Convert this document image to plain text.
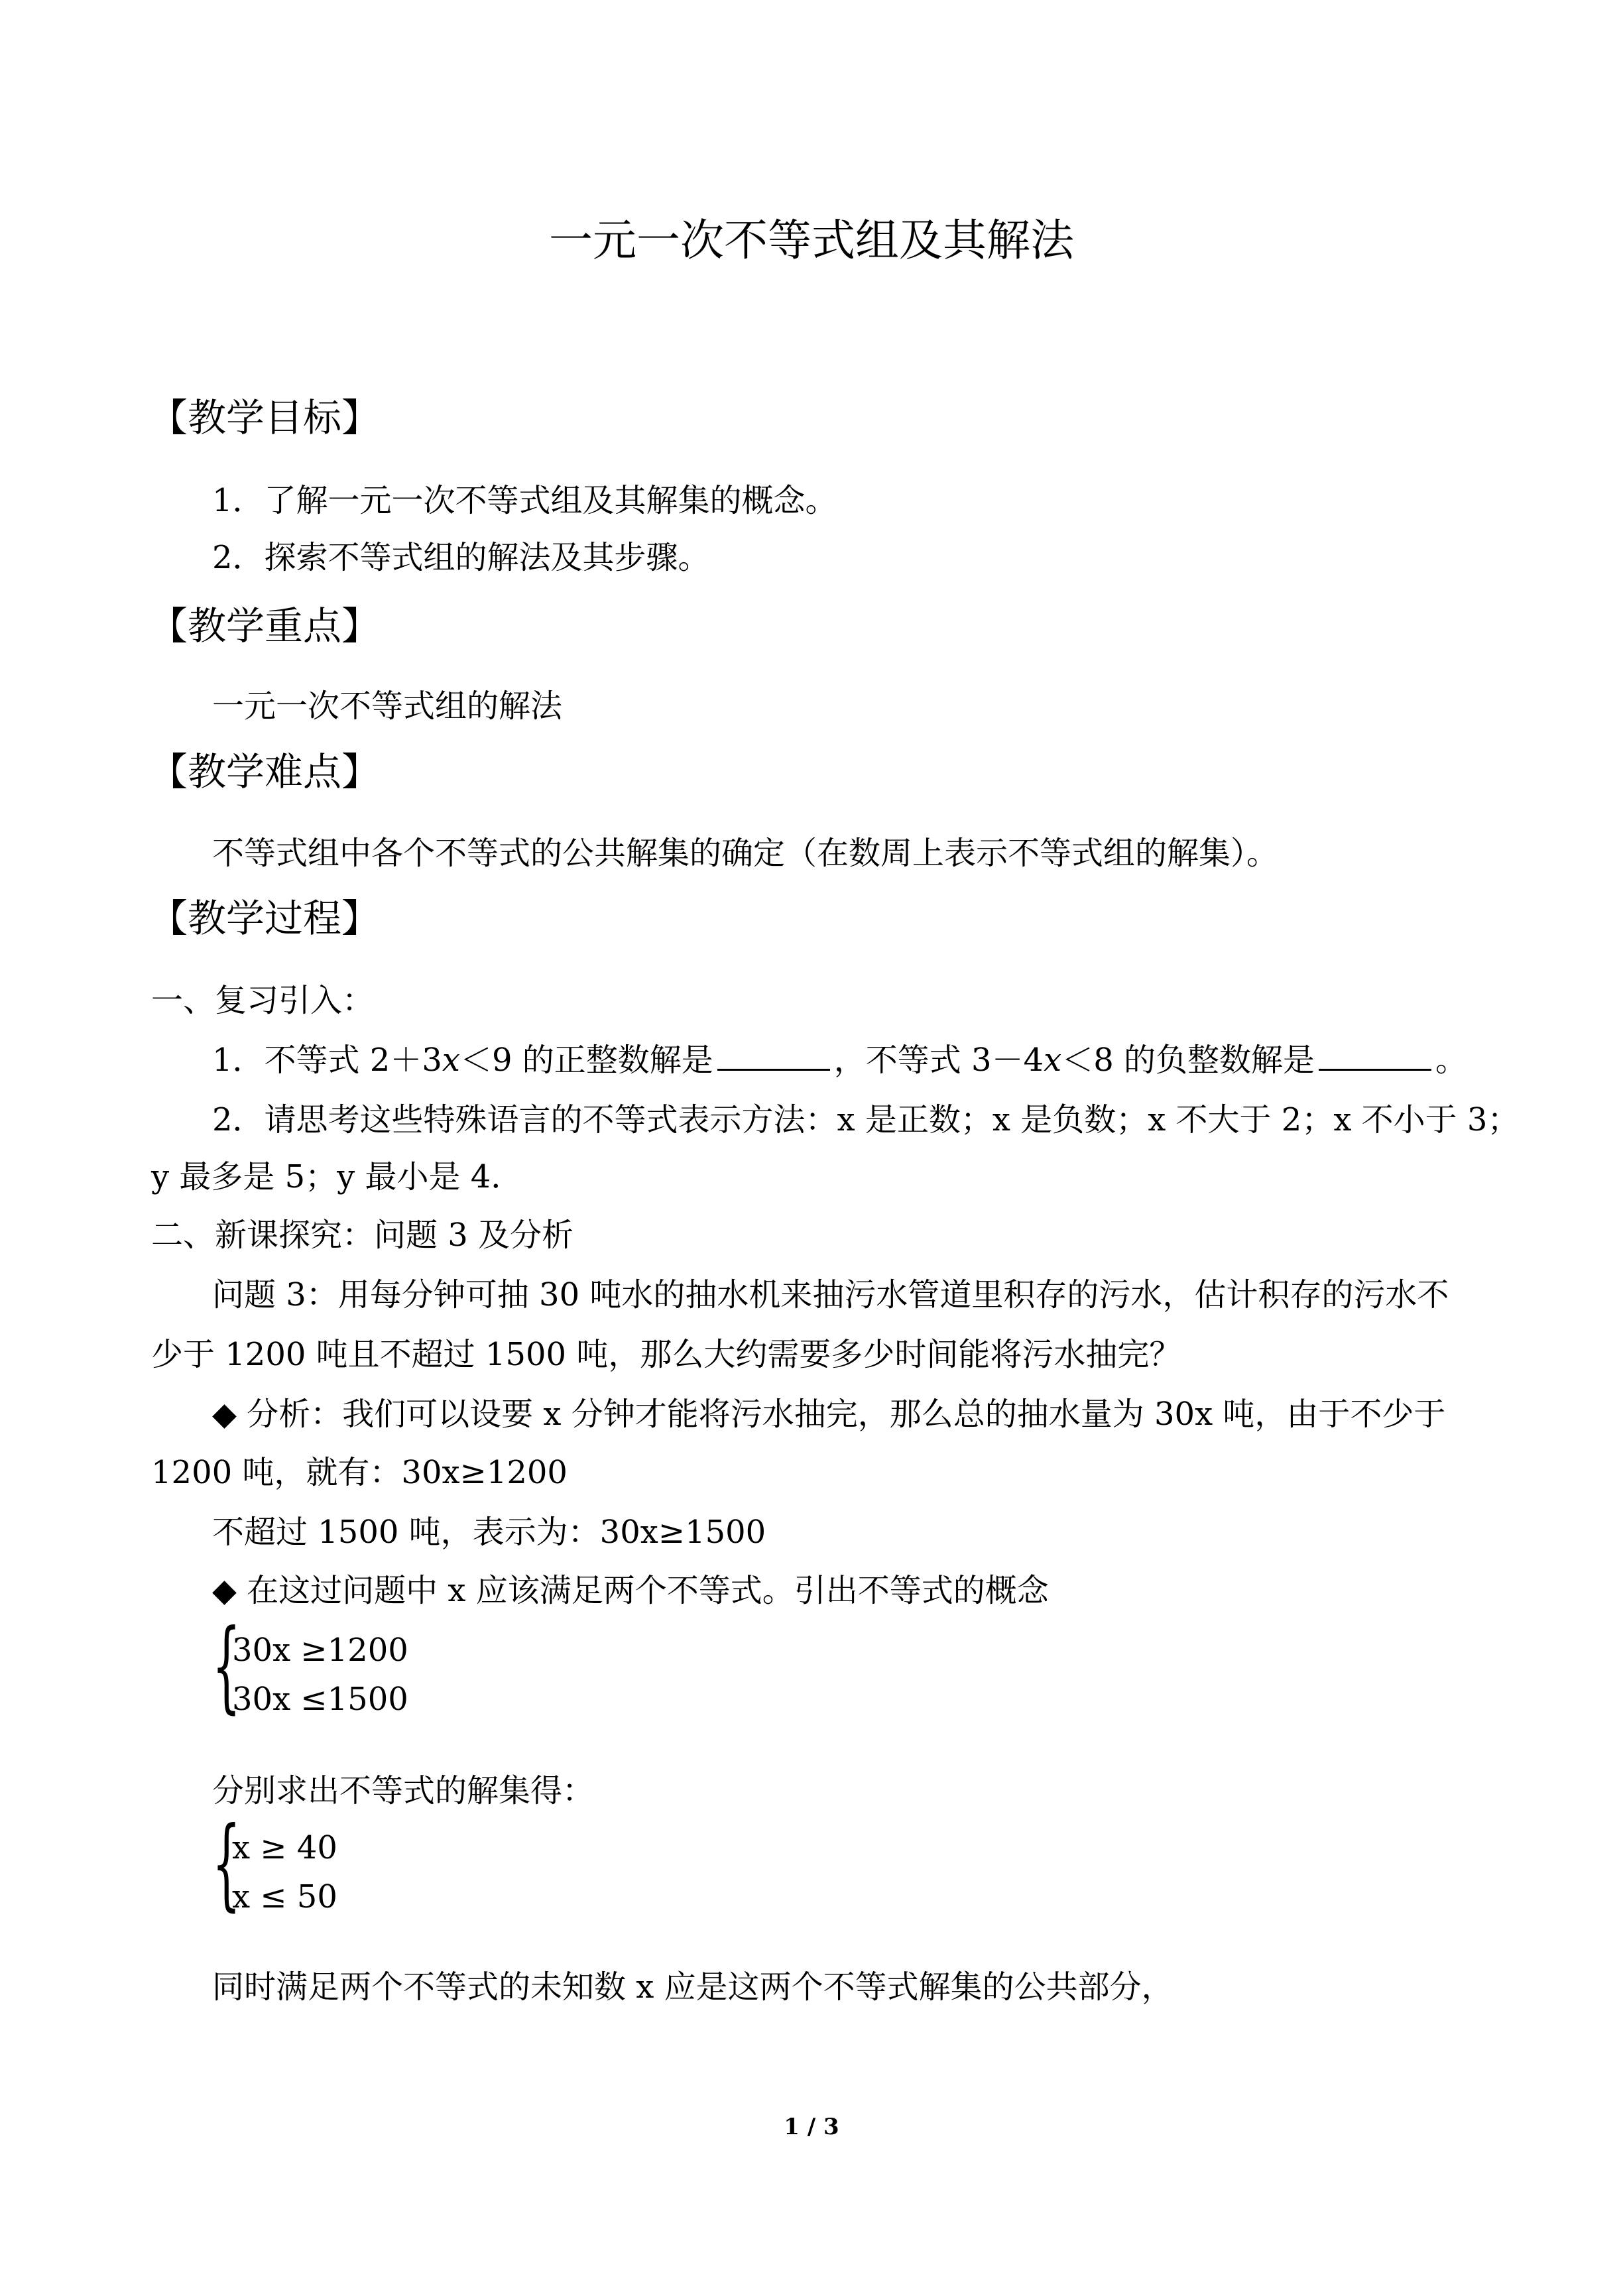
一元一次不等式组及其解法
【教学目标】
1．了解一元一次不等式组及其解集的概念。
2．探索不等式组的解法及其步骤。
【教学重点】
一元一次不等式组的解法
【教学难点】
不等式组中各个不等式的公共解集的确定（在数周上表示不等式组的解集）。
【教学过程】
一、复习引入：
1．不等式 2＋3x＜9 的正整数解是	，不等式 3－4x＜8 的负整数解是	。
2．请思考这些特殊语言的不等式表示方法：x 是正数；x 是负数；x 不大于 2；x 不小于 3；
y 最多是 5；y 最小是 4．
二、新课探究：问题 3 及分析
问题 3：用每分钟可抽 30 吨水的抽水机来抽污水管道里积存的污水，估计积存的污水不
少于 1200 吨且不超过 1500 吨，那么大约需要多少时间能将污水抽完？
◆ 分析：我们可以设要 x 分钟才能将污水抽完，那么总的抽水量为 30x 吨，由于不少于
1200 吨，就有：30x≥1200
不超过 1500 吨，表示为：30x≥1500
◆ 在这过问题中 x 应该满足两个不等式。引出不等式的概念
{
30x ≥1200
30x ≤1500
分别求出不等式的解集得：
{
x ≥ 40
x ≤ 50
同时满足两个不等式的未知数 x 应是这两个不等式解集的公共部分，
1 / 3
